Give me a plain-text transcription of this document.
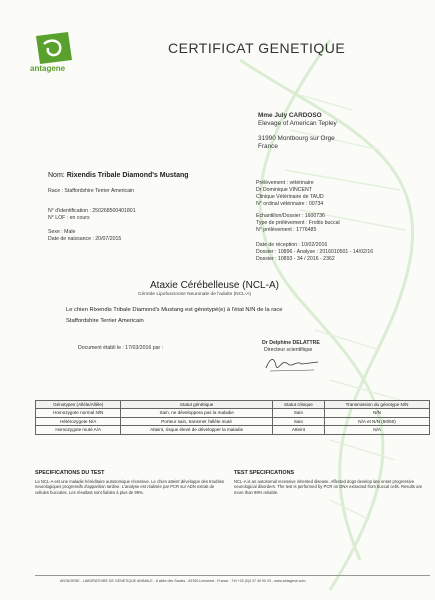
antagene
CERTIFICAT GENETIQUE
Mme July CARDOSO
Elevage of American Tepley
31990 Montbourg sur Orge
France
Nom: Rixendis Tribale Diamond's Mustang
Race : Staffordshire Terrier Americain
N° d'identification : 250268500401801
N° LOF : en cours
Sexe : Male
Date de naissance : 20/07/2015
Prélèvement : vétérinaire
Dr Dominique VINCENT
Clinique Vétérinaire de TAUD
N° ordinal vétérinaire : 00734
Echantillon/Dossier : 1600736
Type de prélèvement : Frottis buccal
N° prélèvement : 1776485
Date de réception : 10/02/2016
Dossier : 10896 - Analyse : 2016010501 - 14/02/16
Dossier : 10893 - 34 / 2016 - 2362
Ataxie Cérébelleuse (NCL-A)
Céroïde Lipofuscinose Neuronale de l'adulte (NCL-A)
Le chien Rixendis Tribale Diamond's Mustang est génotypé(e) à l'état N/N de la race
Staffordshire Terrier Americain
Document établi le : 17/03/2016 par :
Dr Delphine DELATTRE
Directeur scientifique
Génotypes (Allèle/Allèle)	Statut génétique	Statut clinique	Transmission du génotype N/N
Homozygote normal N/N	Sain, ne développera pas la maladie	Sain	N/N
Hétérozygote N/A	Porteur sain, transmet l'allèle muté	Sain	N/A et N/N (50/50)
Homozygote muté A/A	Atteint, risque élevé de développer la maladie	Atteint	N/A
SPECIFICATIONS DU TEST
La NCL-A est une maladie héréditaire autosomique récessive. Le chien atteint développe des troubles neurologiques progressifs d'apparition tardive. L'analyse est réalisée par PCR sur ADN extrait de cellules buccales. Les résultats sont fiables à plus de 99%.
TEST SPECIFICATIONS
NCL-A is an autosomal recessive inherited disease. Affected dogs develop late onset progressive neurological disorders. The test is performed by PCR on DNA extracted from buccal cells. Results are more than 99% reliable.
ANTAGENE - LABORATOIRE DE GENETIQUE ANIMALE - 6 allée des Saules - 69760 Limonest - France - Tél +33 (0)4 37 49 90 03 - www.antagene.com
